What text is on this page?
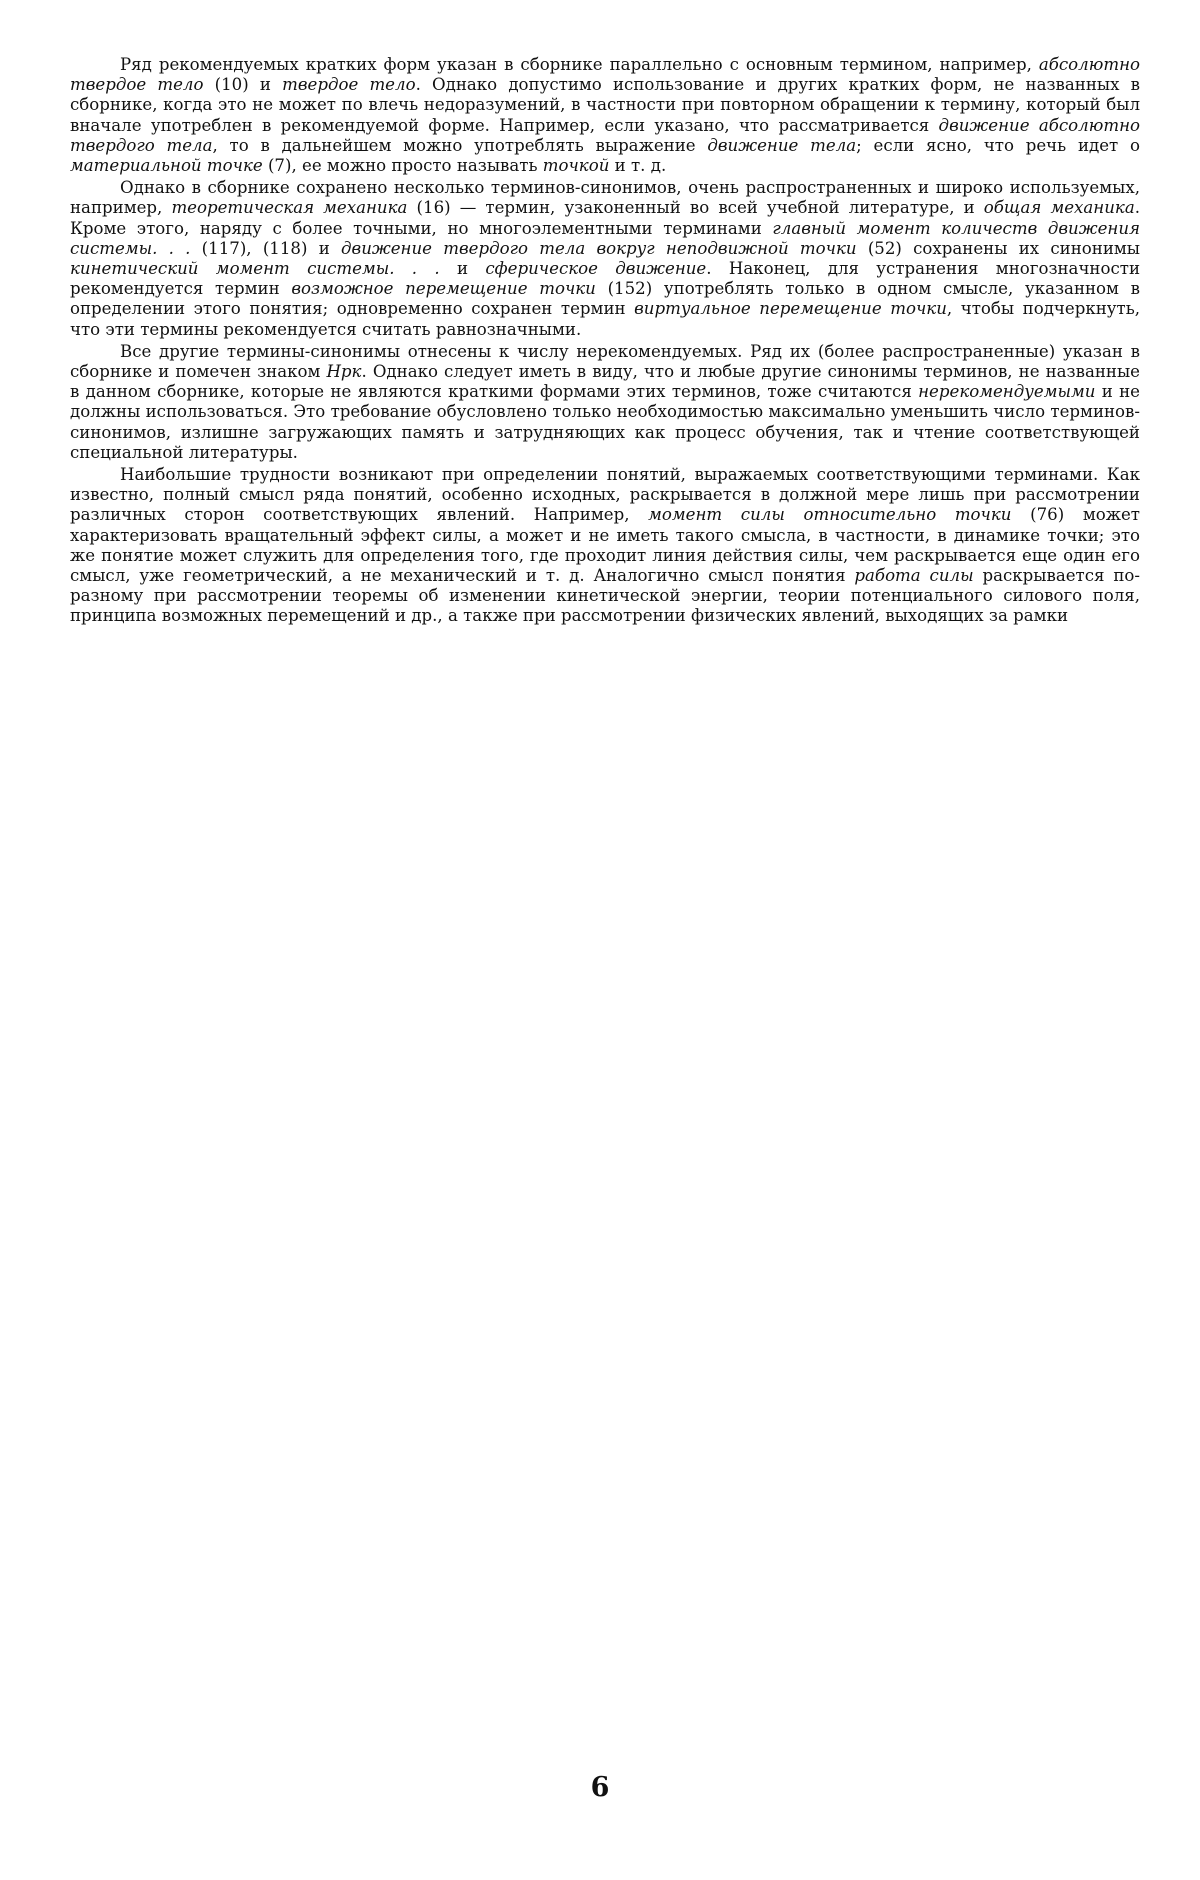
Ряд рекомендуемых кратких форм указан в сборнике параллельно с основным термином, например, абсолютно твердое тело (10) и твердое тело. Однако допустимо использование и других кратких форм, не названных в сборнике, когда это не может по влечь недоразумений, в частности при повторном обращении к термину, который был вначале употреблен в рекомендуемой форме. Например, если указано, что рассматривается движение абсолютно твердого тела, то в дальнейшем можно употреблять выражение движение тела; если ясно, что речь идет о материальной точке (7), ее можно просто называть точкой и т. д.

Однако в сборнике сохранено несколько терминов-синонимов, очень распространенных и широко используемых, например, теоретическая механика (16) — термин, узаконенный во всей учебной литературе, и общая механика. Кроме этого, наряду с более точными, но многоэлементными терминами главный момент количеств движения системы. . . (117), (118) и движение твердого тела вокруг неподвижной точки (52) сохранены их синонимы кинетический момент системы. . . и сферическое движение. Наконец, для устранения многозначности рекомендуется термин возможное перемещение точки (152) употреблять только в одном смысле, указанном в определении этого понятия; одновременно сохранен термин виртуальное перемещение точки, чтобы подчеркнуть, что эти термины рекомендуется считать равнозначными.

Все другие термины-синонимы отнесены к числу нерекомендуемых. Ряд их (более распространенные) указан в сборнике и помечен знаком Нрк. Однако следует иметь в виду, что и любые другие синонимы терминов, не названные в данном сборнике, которые не являются краткими формами этих терминов, тоже считаются нерекомендуемыми и не должны использоваться. Это требование обусловлено только необходимостью максимально уменьшить число терминов-синонимов, излишне загружающих память и затрудняющих как процесс обучения, так и чтение соответствующей специальной литературы.

Наибольшие трудности возникают при определении понятий, выражаемых соответствующими терминами. Как известно, полный смысл ряда понятий, особенно исходных, раскрывается в должной мере лишь при рассмотрении различных сторон соответствующих явлений. Например, момент силы относительно точки (76) может характеризовать вращательный эффект силы, а может и не иметь такого смысла, в частности, в динамике точки; это же понятие может служить для определения того, где проходит линия действия силы, чем раскрывается еще один его смысл, уже геометрический, а не механический и т. д. Аналогично смысл понятия работа силы раскрывается по-разному при рассмотрении теоремы об изменении кинетической энергии, теории потенциального силового поля, принципа возможных перемещений и др., а также при рассмотрении физических явлений, выходящих за рамки

6
